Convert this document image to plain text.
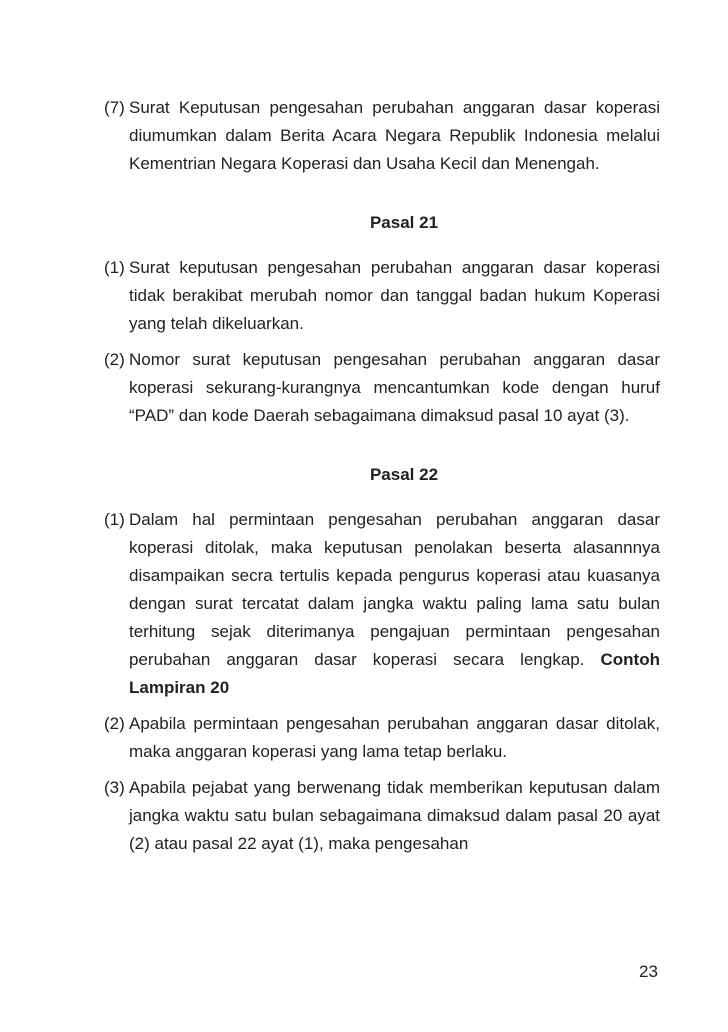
(7) Surat Keputusan pengesahan perubahan anggaran dasar koperasi diumumkan dalam Berita Acara Negara Republik Indonesia melalui Kementrian Negara Koperasi dan Usaha Kecil dan Menengah.
Pasal 21
(1) Surat keputusan pengesahan perubahan anggaran dasar koperasi tidak berakibat merubah nomor dan tanggal badan hukum Koperasi yang telah dikeluarkan.
(2) Nomor surat keputusan pengesahan perubahan anggaran dasar koperasi sekurang-kurangnya mencantumkan kode dengan huruf “PAD” dan kode Daerah sebagaimana dimaksud pasal 10 ayat (3).
Pasal 22
(1) Dalam hal permintaan pengesahan perubahan anggaran dasar koperasi ditolak, maka keputusan penolakan beserta alasannnya disampaikan secra tertulis kepada pengurus koperasi atau kuasanya dengan surat tercatat dalam jangka waktu paling lama satu bulan terhitung sejak diterimanya pengajuan permintaan pengesahan perubahan anggaran dasar koperasi secara lengkap. Contoh Lampiran 20
(2) Apabila permintaan pengesahan perubahan anggaran dasar ditolak, maka anggaran koperasi yang lama tetap berlaku.
(3) Apabila pejabat yang berwenang tidak memberikan keputusan dalam jangka waktu satu bulan sebagaimana dimaksud dalam pasal 20 ayat (2) atau pasal 22 ayat (1), maka pengesahan
23
